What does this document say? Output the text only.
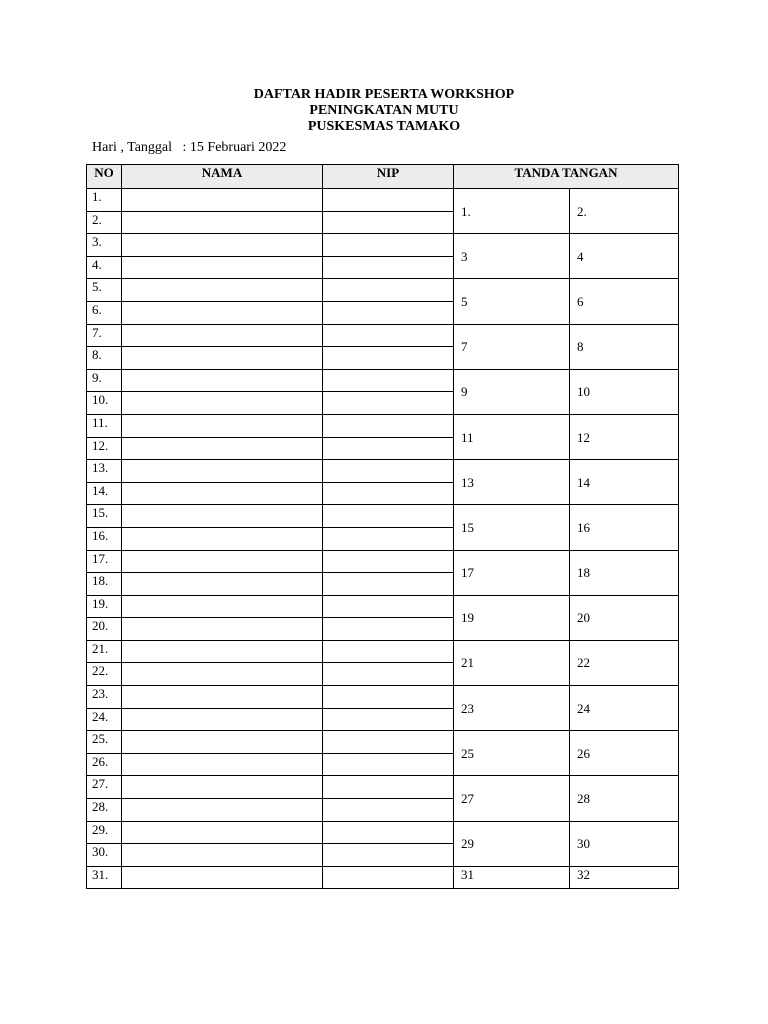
DAFTAR HADIR PESERTA WORKSHOP
PENINGKATAN MUTU
PUSKESMAS TAMAKO
Hari , Tanggal   : 15 Februari 2022
NO	NAMA	NIP	TANDA TANGAN	
1.			1.	2.
2.				
3.			3	4
4.				
5.			5	6
6.				
7.			7	8
8.				
9.			9	10
10.				
11.			11	12
12.				
13.			13	14
14.				
15.			15	16
16.				
17.			17	18
18.				
19.			19	20
20.				
21.			21	22
22.				
23.			23	24
24.				
25.			25	26
26.				
27.			27	28
28.				
29.			29	30
30.				
31.			31	32
